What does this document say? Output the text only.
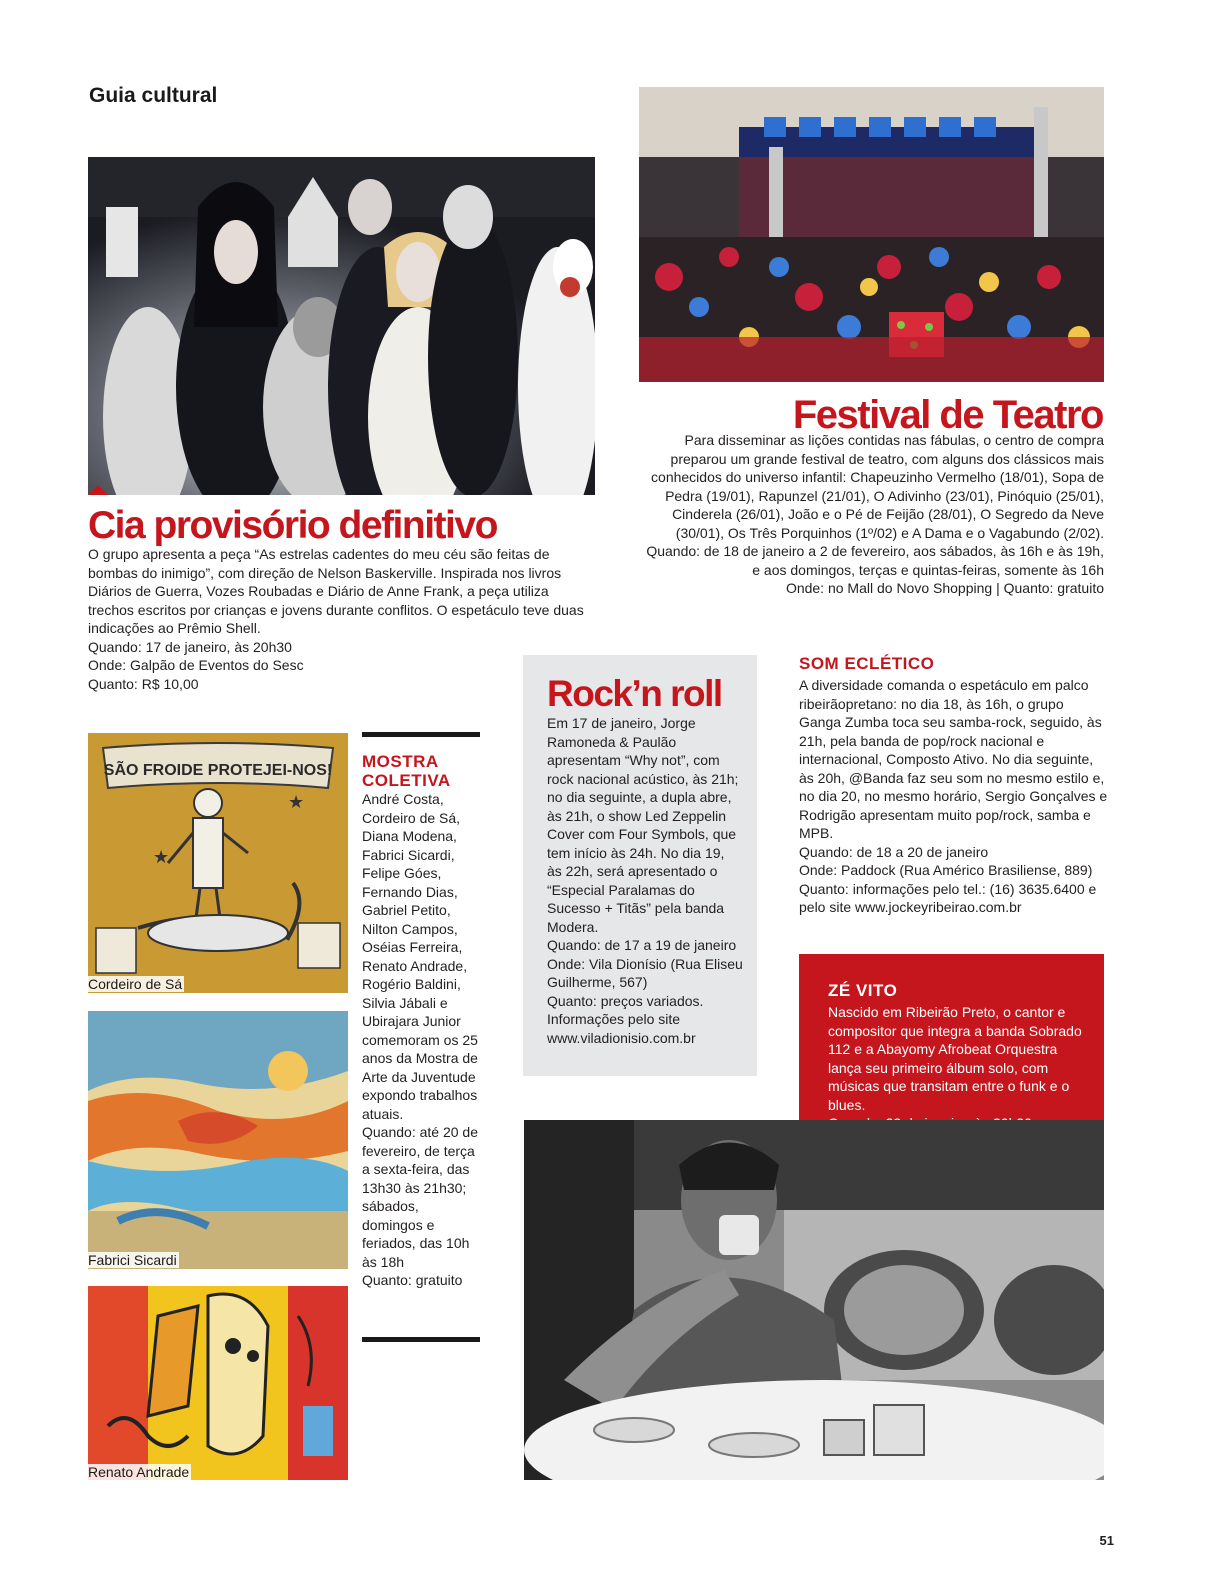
Guia cultural
Cia provisório definitivo

O grupo apresenta a peça “As estrelas cadentes do meu céu são feitas de bombas do inimigo”, com direção de Nelson Baskerville. Inspirada nos livros Diários de Guerra, Vozes Roubadas e Diário de Anne Frank, a peça utiliza trechos escritos por crianças e jovens durante conflitos. O espetáculo teve duas indicações ao Prêmio Shell.

Quando: 17 de janeiro, às 20h30

Onde: Galpão de Eventos do Sesc

Quanto: R$ 10,00

Festival de Teatro

Para disseminar as lições contidas nas fábulas, o centro de compra preparou um grande festival de teatro, com alguns dos clássicos mais conhecidos do universo infantil: Chapeuzinho Vermelho (18/01), Sopa de Pedra (19/01), Rapunzel (21/01), O Adivinho (23/01), Pinóquio (25/01), Cinderela (26/01), João e o Pé de Feijão (28/01), O Segredo da Neve (30/01), Os Três Porquinhos (1º/02) e A Dama e o Vagabundo (2/02).

Quando: de 18 de janeiro a 2 de fevereiro, aos sábados, às 16h e às 19h, e aos domingos, terças e quintas-feiras, somente às 16h

Onde: no Mall do Novo Shopping | Quanto: gratuito

SÃO FROIDE PROTEJEI-NOS!
★
★
Cordeiro de Sá
Fabrici Sicardi
Renato Andrade
MOSTRA
COLETIVA

André Costa, Cordeiro de Sá, Diana Modena, Fabrici Sicardi, Felipe Góes, Fernando Dias, Gabriel Petito, Nilton Campos, Oséias Ferreira, Renato Andrade, Rogério Baldini, Silvia Jábali e Ubirajara Junior comemoram os 25 anos da Mostra de Arte da Juventude expondo trabalhos atuais.

Quando: até 20 de fevereiro, de terça a sexta-feira, das 13h30 às 21h30; sábados, domingos e feriados, das 10h às 18h

Quanto: gratuito

Rock’n roll

Em 17 de janeiro, Jorge Ramoneda & Paulão apresentam “Why not”, com rock nacional acústico, às 21h; no dia seguinte, a dupla abre, às 21h, o show Led Zeppelin Cover com Four Symbols, que tem início às 24h. No dia 19, às 22h, será apresentado o “Especial Paralamas do Sucesso + Titãs” pela banda Modera.

Quando: de 17 a 19 de janeiro

Onde: Vila Dionísio (Rua Eliseu Guilherme, 567)

Quanto: preços variados. Informações pelo site www.viladionisio.com.br

SOM ECLÉTICO

A diversidade comanda o espetáculo em palco ribeirãopretano: no dia 18, às 16h, o grupo Ganga Zumba toca seu samba-rock, seguido, às 21h, pela banda de pop/rock nacional e internacional, Composto Ativo. No dia seguinte, às 20h, @Banda faz seu som no mesmo estilo e, no dia 20, no mesmo horário, Sergio Gonçalves e Rodrigão apresentam muito pop/rock, samba e MPB.

Quando: de 18 a 20 de janeiro

Onde: Paddock (Rua Américo Brasiliense, 889)

Quanto: informações pelo tel.: (16) 3635.6400 e pelo site www.jockeyribeirao.com.br

ZÉ VITO

Nascido em Ribeirão Preto, o cantor e compositor que integra a banda Sobrado 112 e a Abayomy Afrobeat Orquestra lança seu primeiro álbum solo, com músicas que transitam entre o funk e o blues.

51
